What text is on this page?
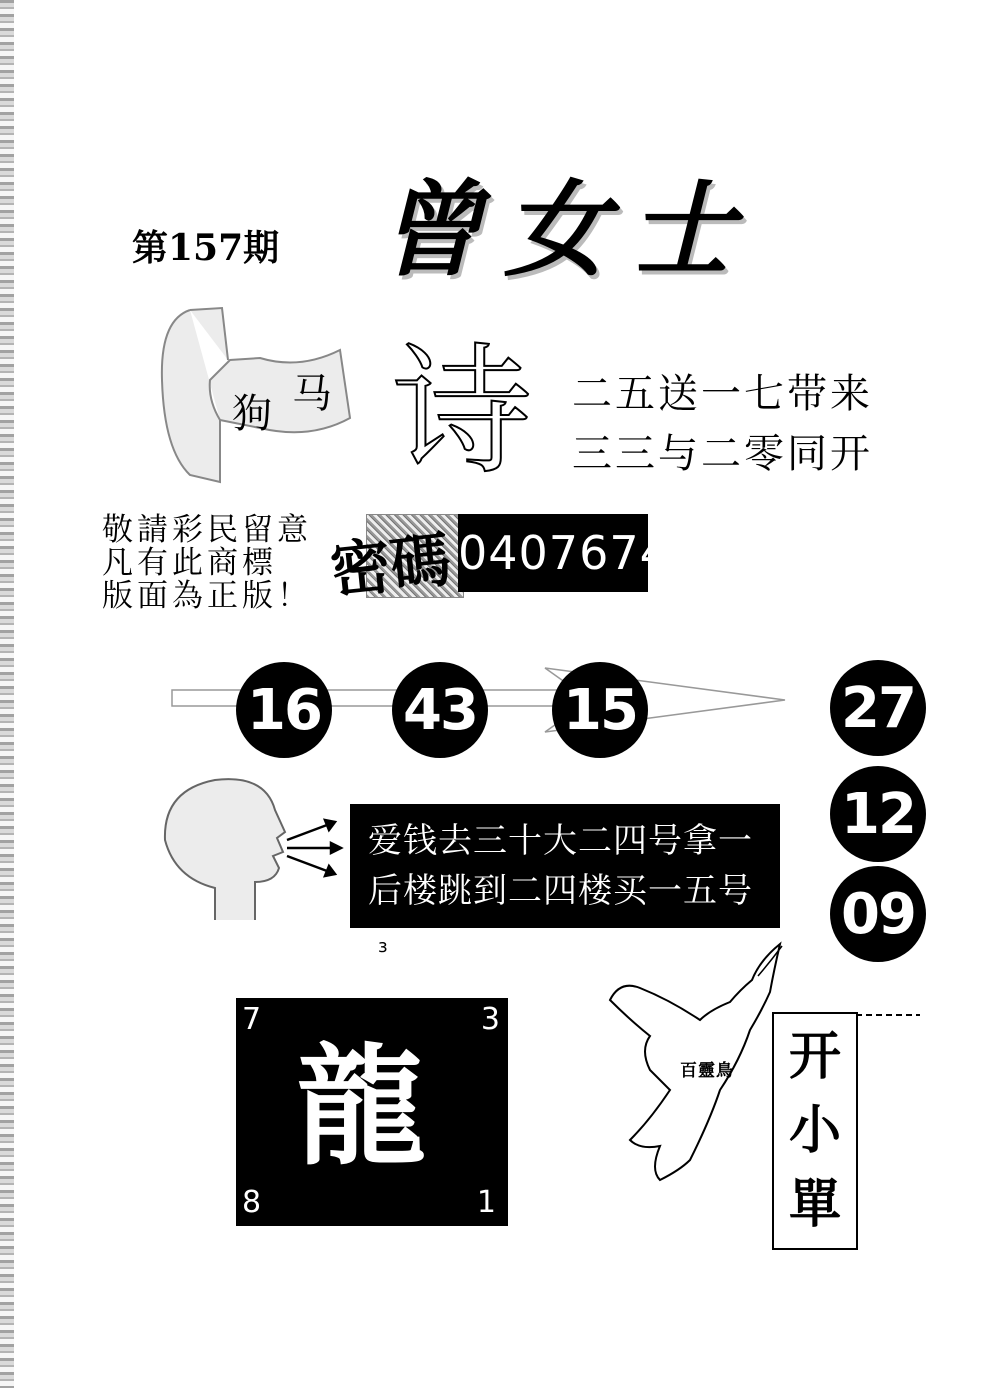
第157期 曾女士
狗 马 诗 二五送一七带来
三三与二零同开
敬請彩民留意
凡有此商標
版面為正版！ 密碼 0407674
16 43 15	27
12
09
爱钱去三十大二四号拿一
后楼跳到二四楼买一五号
ɜ
7	3
8	1
龍	百靈鳥 开
小
單
